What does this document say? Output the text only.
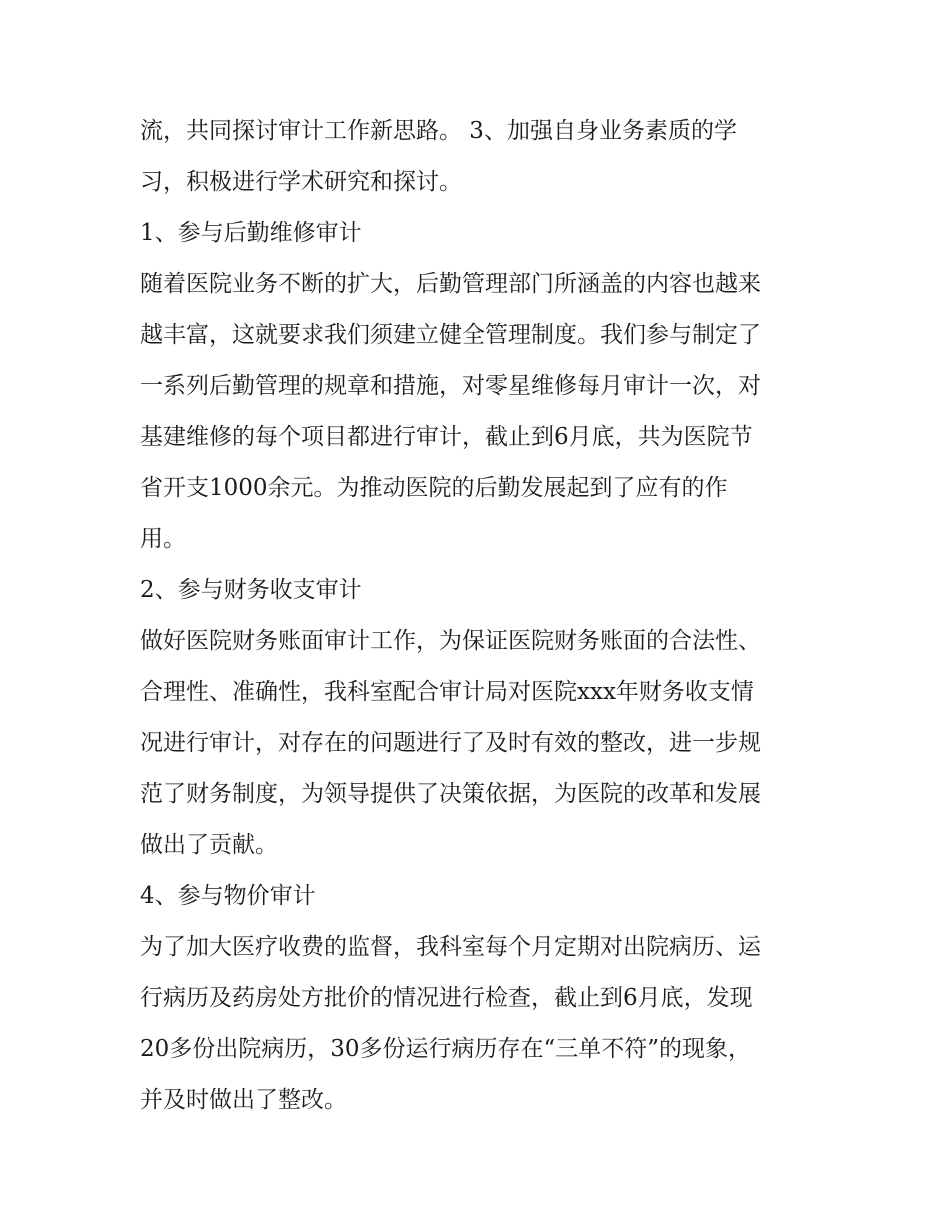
流，共同探讨审计工作新思路。 3、加强自身业务素质的学
习，积极进行学术研究和探讨。
1、参与后勤维修审计
随着医院业务不断的扩大，后勤管理部门所涵盖的内容也越来
越丰富，这就要求我们须建立健全管理制度。我们参与制定了
一系列后勤管理的规章和措施，对零星维修每月审计一次，对
基建维修的每个项目都进行审计，截止到6月底，共为医院节
省开支1000余元。为推动医院的后勤发展起到了应有的作
用。
2、参与财务收支审计
做好医院财务账面审计工作，为保证医院财务账面的合法性、
合理性、准确性，我科室配合审计局对医院xxx年财务收支情
况进行审计，对存在的问题进行了及时有效的整改，进一步规
范了财务制度，为领导提供了决策依据，为医院的改革和发展
做出了贡献。
4、参与物价审计
为了加大医疗收费的监督，我科室每个月定期对出院病历、运
行病历及药房处方批价的情况进行检查，截止到6月底，发现
20多份出院病历，30多份运行病历存在“三单不符”的现象，
并及时做出了整改。
